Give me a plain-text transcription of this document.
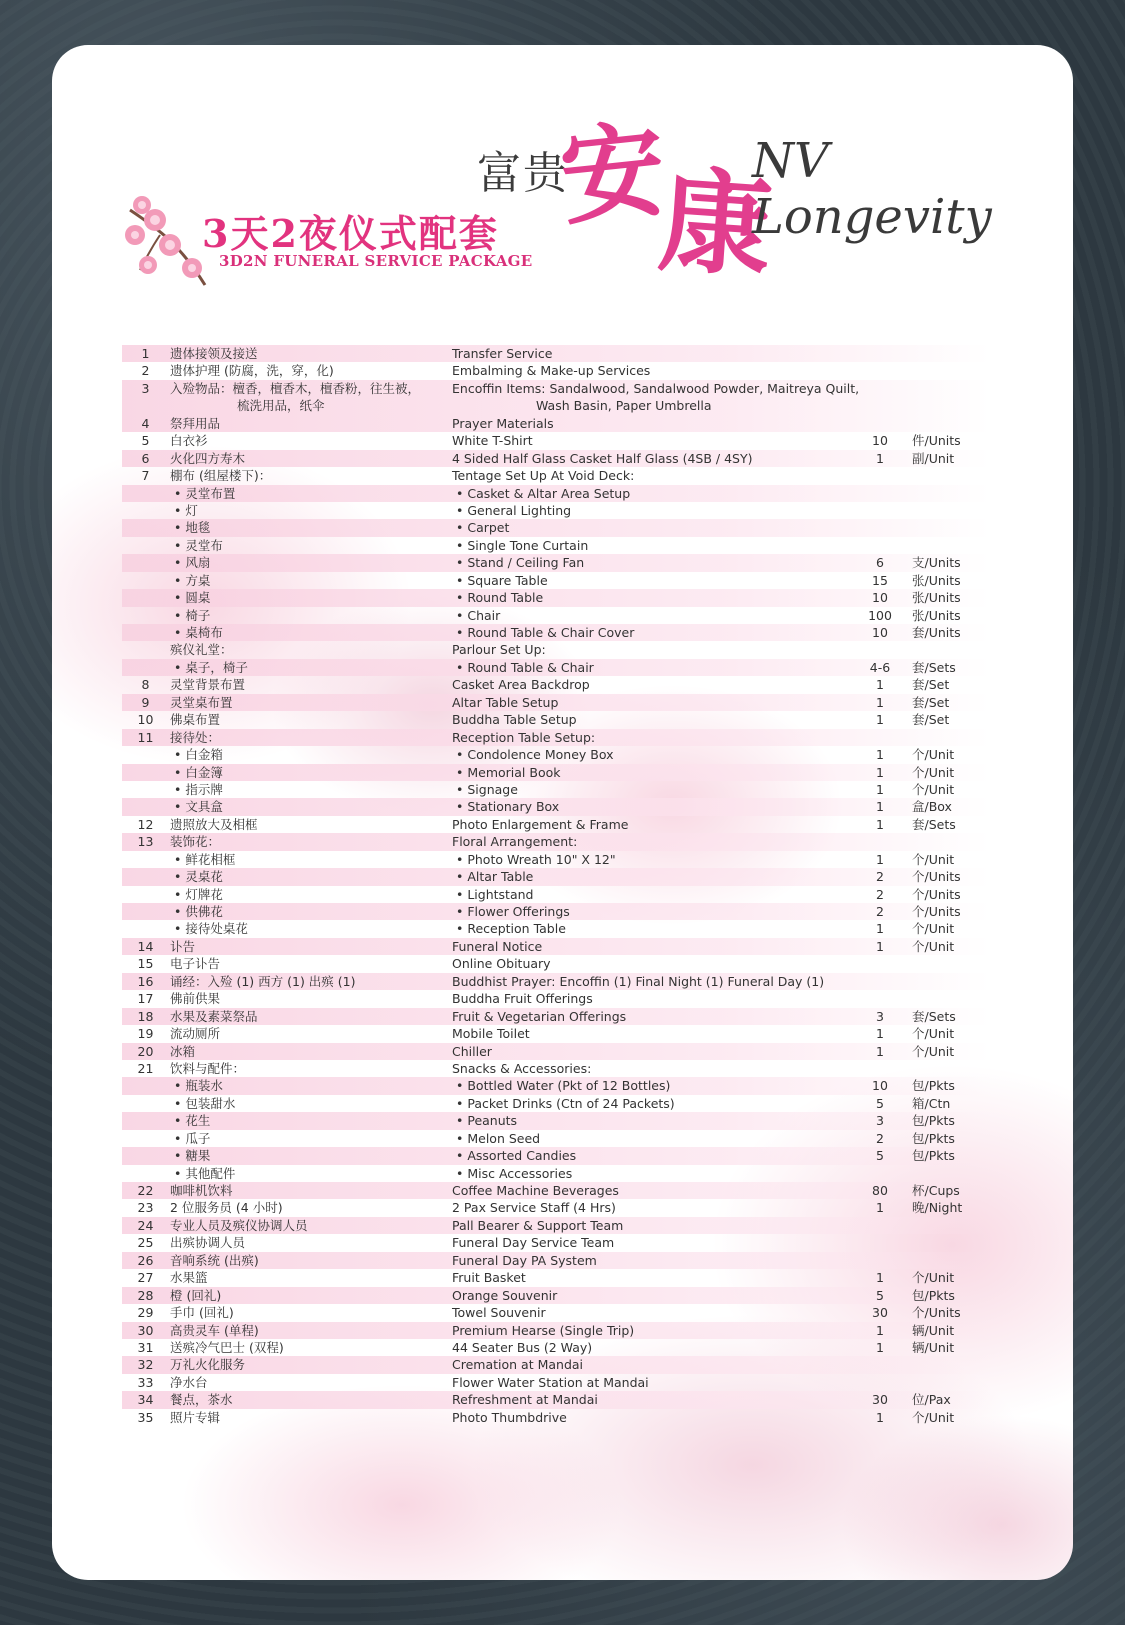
富贵
安
康
NV Longevity
3天2夜仪式配套
3D2N FUNERAL SERVICE PACKAGE
1	遗体接领及接送	Transfer Service
2	遗体护理 (防腐，洗，穿，化)	Embalming & Make-up Services
3	入殓物品：檀香，檀香木，檀香粉，往生被，
梳洗用品，纸伞
Encoffin Items: Sandalwood, Sandalwood Powder, Maitreya Quilt,
Wash Basin, Paper Umbrella
4	祭拜用品	Prayer Materials
5	白衣衫	White T-Shirt	10	件/Units
6	火化四方寿木	4 Sided Half Glass Casket Half Glass (4SB / 4SY)	1	副/Unit
7	棚布 (组屋楼下)：	Tentage Set Up At Void Deck:
• 灵堂布置	• Casket & Altar Area Setup
• 灯	• General Lighting
• 地毯	• Carpet
• 灵堂布	• Single Tone Curtain
• 风扇	• Stand / Ceiling Fan	6	支/Units
• 方桌	• Square Table	15	张/Units
• 圆桌	• Round Table	10	张/Units
• 椅子	• Chair	100 张/Units
• 桌椅布	• Round Table & Chair Cover	10	套/Units
殡仪礼堂：	Parlour Set Up:
• 桌子，椅子	• Round Table & Chair	4-6	套/Sets
8	灵堂背景布置	Casket Area Backdrop	1	套/Set
9	灵堂桌布置	Altar Table Setup	1	套/Set
10	佛桌布置	Buddha Table Setup	1	套/Set
11	接待处：	Reception Table Setup:
• 白金箱	• Condolence Money Box	1	个/Unit
• 白金簿	• Memorial Book	1	个/Unit
• 指示牌	• Signage	1	个/Unit
• 文具盒	• Stationary Box	1	盒/Box
12	遗照放大及相框	Photo Enlargement & Frame	1	套/Sets
13	装饰花：	Floral Arrangement:
• 鲜花相框	• Photo Wreath 10" X 12"	1	个/Unit
• 灵桌花	• Altar Table	2	个/Units
• 灯牌花	• Lightstand	2	个/Units
• 供佛花	• Flower Offerings	2	个/Units
• 接待处桌花	• Reception Table	1	个/Unit
14	讣告	Funeral Notice	1	个/Unit
15	电子讣告	Online Obituary
16	诵经：入殓 (1) 西方 (1) 出殡 (1)	Buddhist Prayer: Encoffin (1) Final Night (1) Funeral Day (1)
17	佛前供果	Buddha Fruit Offerings
18	水果及素菜祭品	Fruit & Vegetarian Offerings	3	套/Sets
19	流动厕所	Mobile Toilet	1	个/Unit
20	冰箱	Chiller	1	个/Unit
21	饮料与配件：	Snacks & Accessories:
• 瓶装水	• Bottled Water (Pkt of 12 Bottles)	10	包/Pkts
• 包装甜水	• Packet Drinks (Ctn of 24 Packets)	5	箱/Ctn
• 花生	• Peanuts	3	包/Pkts
• 瓜子	• Melon Seed	2	包/Pkts
• 糖果	• Assorted Candies	5	包/Pkts
• 其他配件	• Misc Accessories
22	咖啡机饮料	Coffee Machine Beverages	80	杯/Cups
23	2 位服务员 (4 小时)	2 Pax Service Staff (4 Hrs)	1	晚/Night
24	专业人员及殡仪协调人员	Pall Bearer & Support Team
25	出殡协调人员	Funeral Day Service Team
26	音响系统 (出殡)	Funeral Day PA System
27	水果篮	Fruit Basket	1	个/Unit
28	橙 (回礼)	Orange Souvenir	5	包/Pkts
29	手巾 (回礼)	Towel Souvenir	30	个/Units
30	高贵灵车 (单程)	Premium Hearse (Single Trip)	1	辆/Unit
31	送殡冷气巴士 (双程)	44 Seater Bus (2 Way)	1	辆/Unit
32	万礼火化服务	Cremation at Mandai
33	净水台	Flower Water Station at Mandai
34	餐点，茶水	Refreshment at Mandai	30	位/Pax
35	照片专辑	Photo Thumbdrive	1	个/Unit
